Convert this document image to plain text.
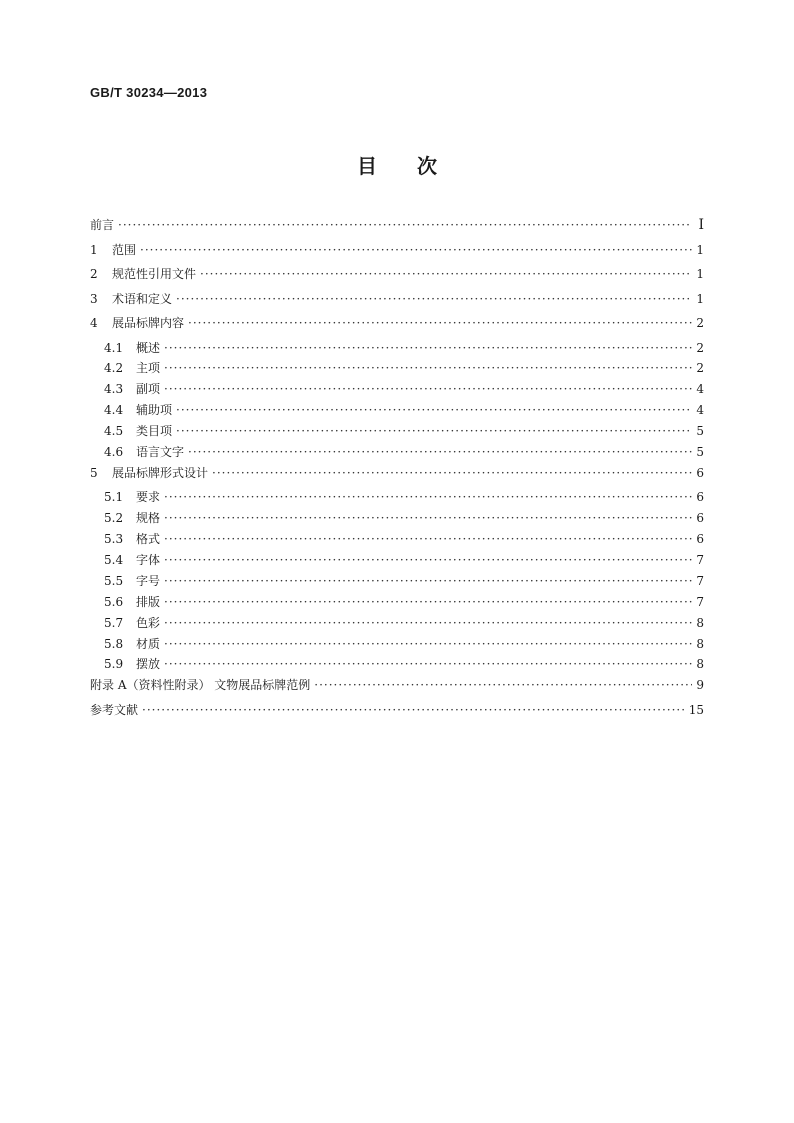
GB/T 30234—2013
目次
前言 ·····	Ⅰ
1 范围 ·····	1
2 规范性引用文件 ·····	1
3 术语和定义 ·····	1
4 展品标牌内容 ·····	2
4.1 概述 ·····	2
4.2 主项 ·····	2
4.3 副项 ·····	4
4.4 辅助项 ·····	4
4.5 类目项 ·····	5
4.6 语言文字 ·····	5
5 展品标牌形式设计 ·····	6
5.1 要求 ·····	6
5.2 规格 ·····	6
5.3 格式 ·····	6
5.4 字体 ·····	7
5.5 字号 ·····	7
5.6 排版 ·····	7
5.7 色彩 ·····	8
5.8 材质 ·····	8
5.9 摆放 ·····	8
附录 A（资料性附录） 文物展品标牌范例 ·····	9
参考文献 ·····	15
